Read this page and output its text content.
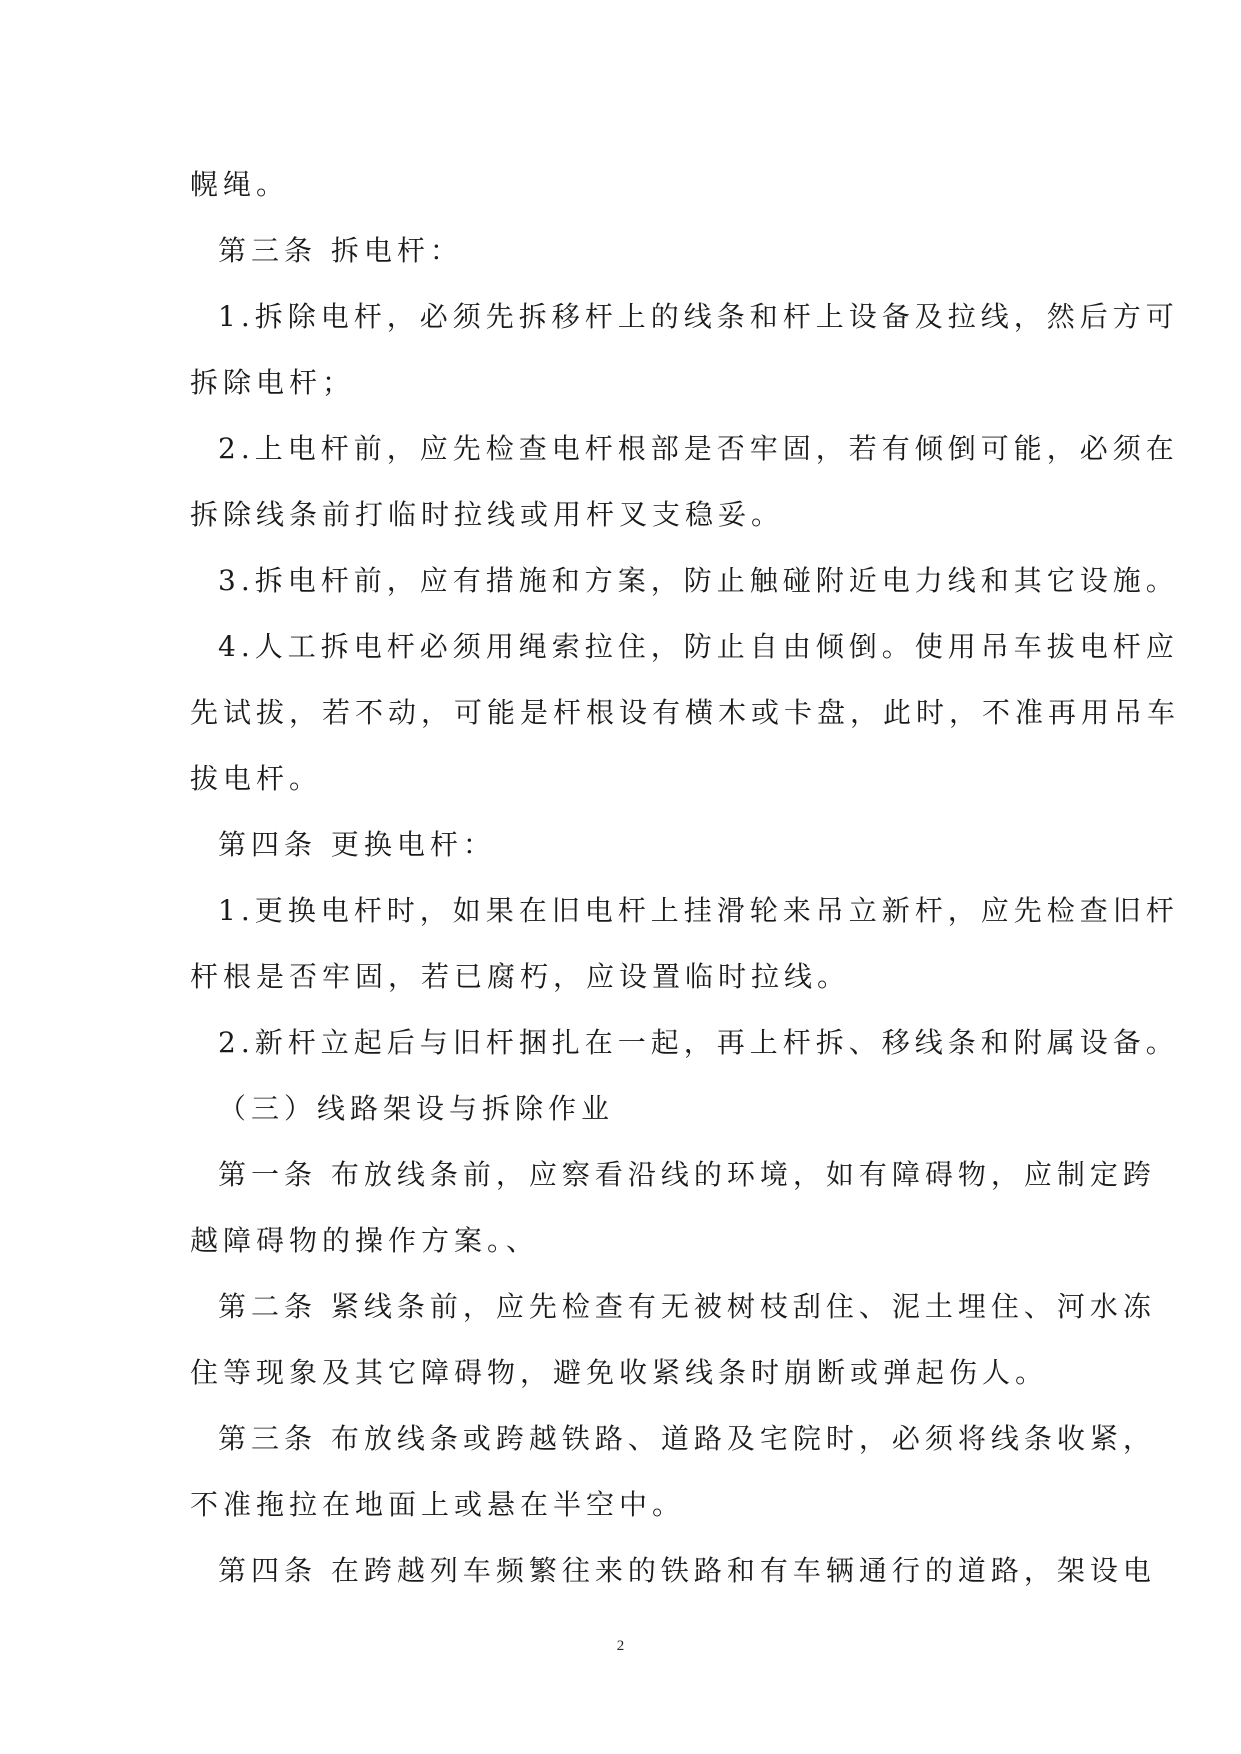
幌绳。
第三条 拆电杆：
1.拆除电杆，必须先拆移杆上的线条和杆上设备及拉线，然后方可
拆除电杆；
2.上电杆前，应先检查电杆根部是否牢固，若有倾倒可能，必须在
拆除线条前打临时拉线或用杆叉支稳妥。
3.拆电杆前，应有措施和方案，防止触碰附近电力线和其它设施。
4.人工拆电杆必须用绳索拉住，防止自由倾倒。使用吊车拔电杆应
先试拔，若不动，可能是杆根设有横木或卡盘，此时，不准再用吊车
拔电杆。
第四条 更换电杆：
1.更换电杆时，如果在旧电杆上挂滑轮来吊立新杆，应先检查旧杆
杆根是否牢固，若已腐朽，应设置临时拉线。
2.新杆立起后与旧杆捆扎在一起，再上杆拆、移线条和附属设备。
（三）线路架设与拆除作业
第一条 布放线条前，应察看沿线的环境，如有障碍物，应制定跨
越障碍物的操作方案。、
第二条 紧线条前，应先检查有无被树枝刮住、泥土埋住、河水冻
住等现象及其它障碍物，避免收紧线条时崩断或弹起伤人。
第三条 布放线条或跨越铁路、道路及宅院时，必须将线条收紧，
不准拖拉在地面上或悬在半空中。
第四条 在跨越列车频繁往来的铁路和有车辆通行的道路，架设电
2
